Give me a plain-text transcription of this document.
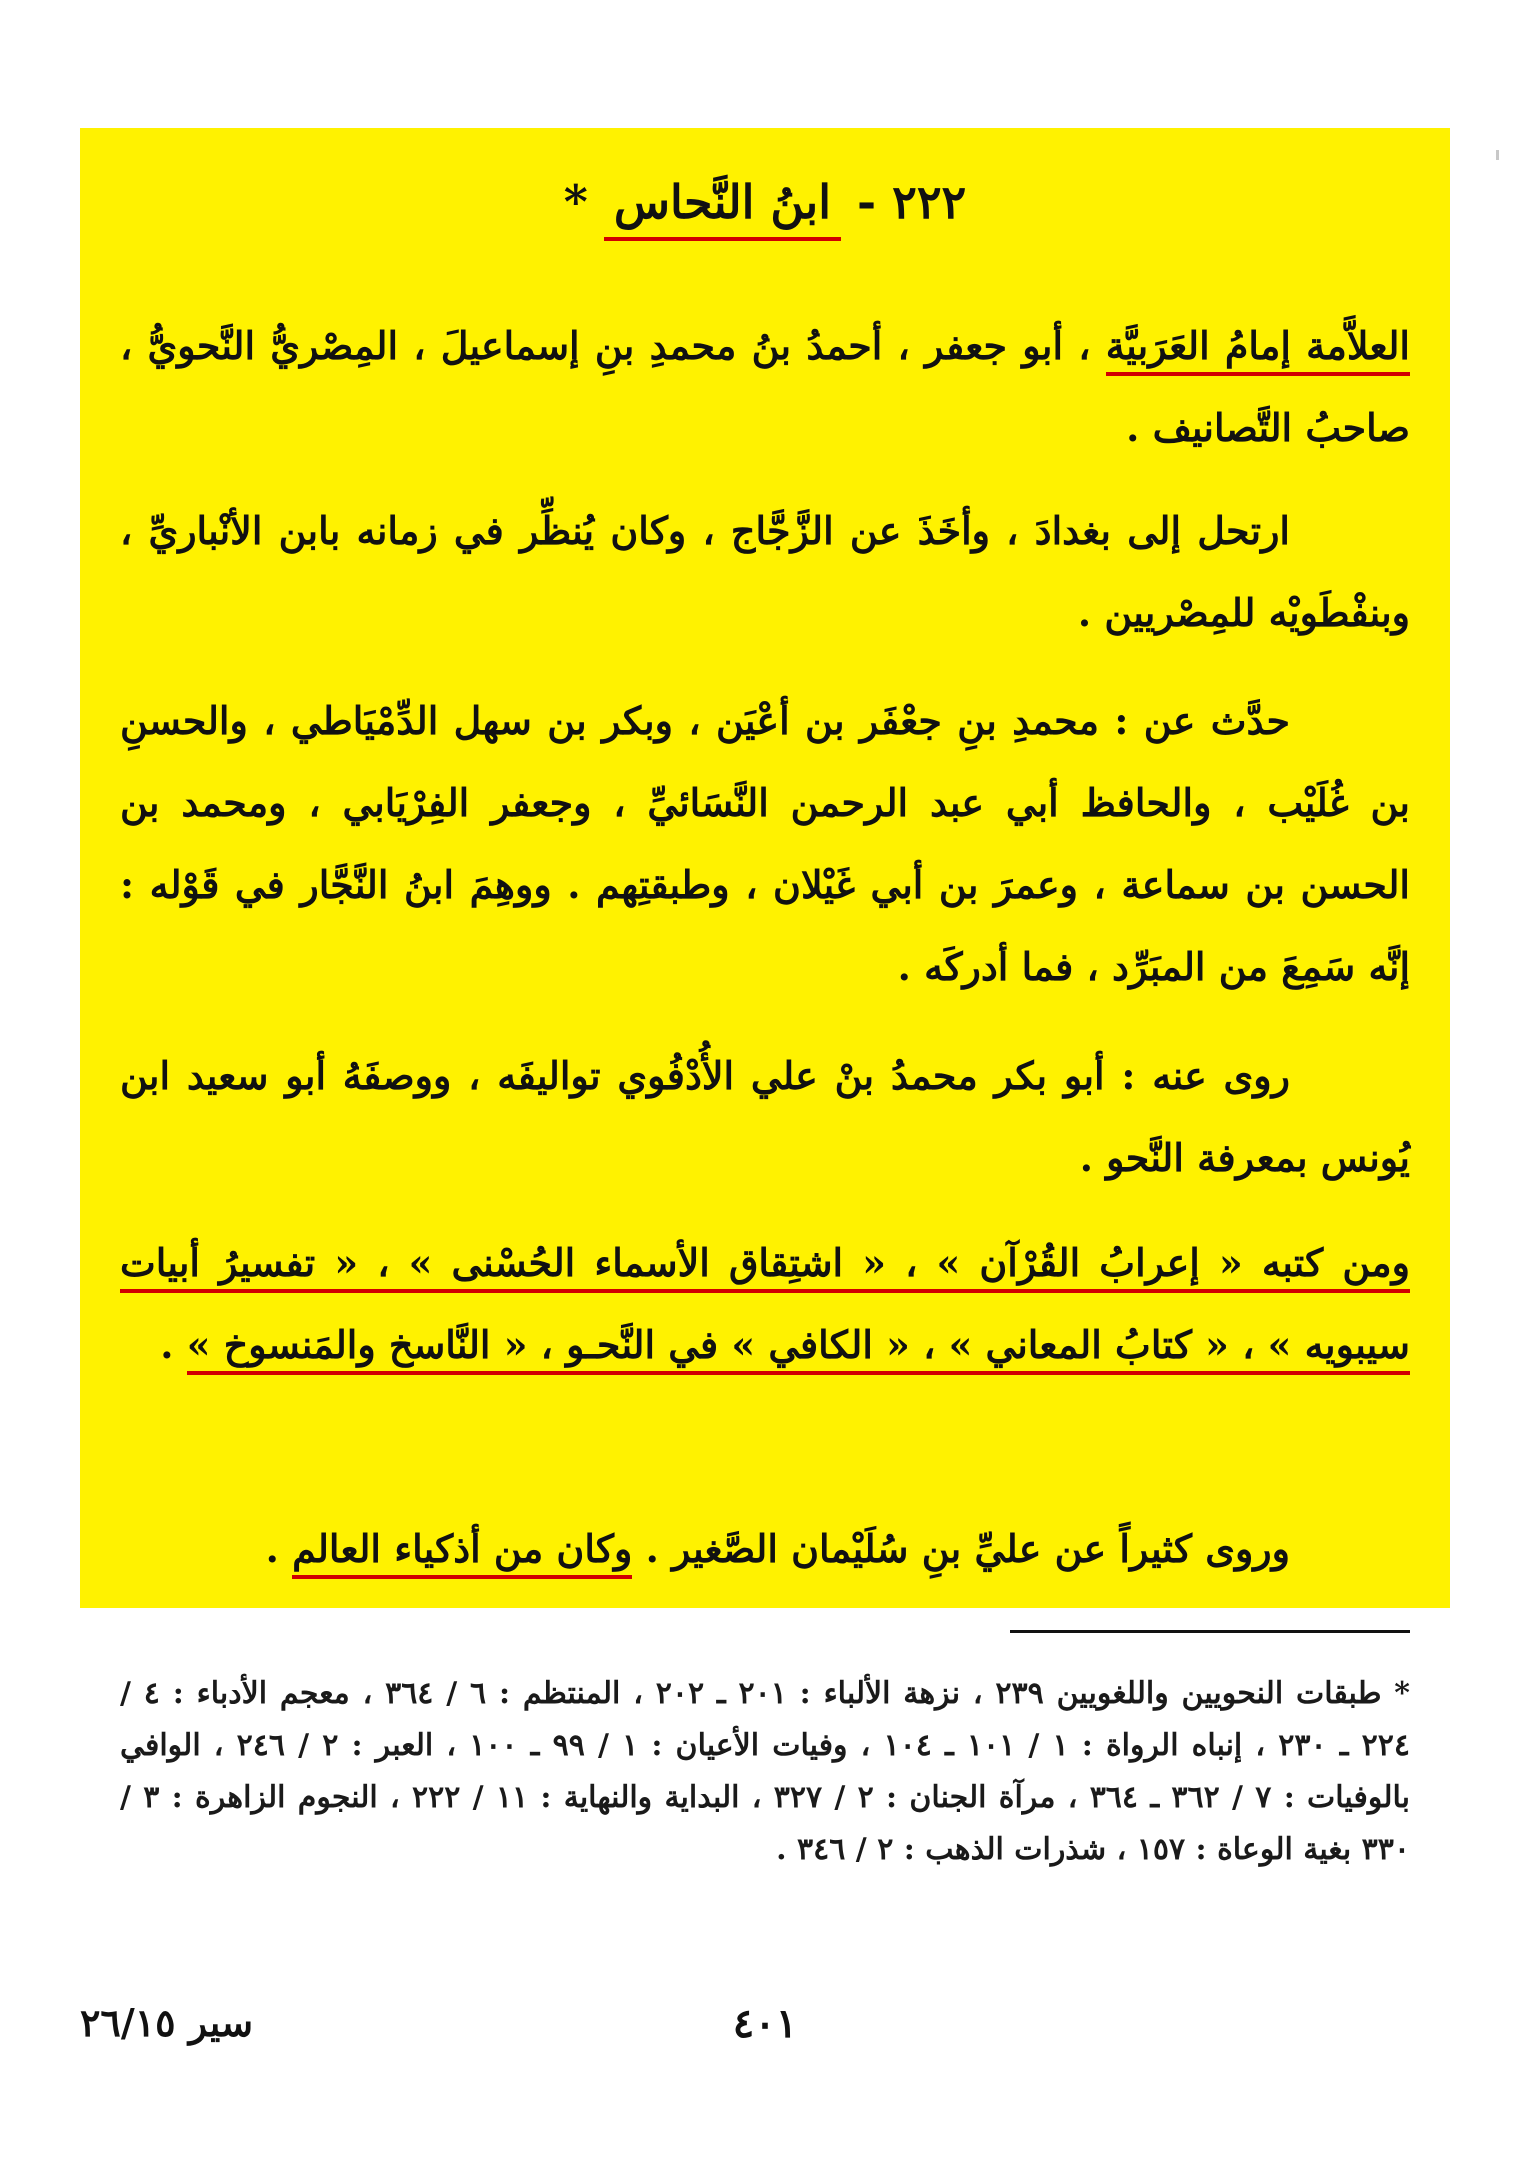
٢٢٢ - ابنُ النَّحاس *
العلاَّمة إمامُ العَرَبيَّة ، أبو جعفر ، أحمدُ بنُ محمدِ بنِ إسماعيلَ ، المِصْريُّ النَّحويُّ ، صاحبُ التَّصانيف .
ارتحل إلى بغدادَ ، وأخَذَ عن الزَّجَّاج ، وكان يُنظِّر في زمانه بابن الأنْباريِّ ، وبنفْطَويْه للمِصْريين .
حدَّث عن : محمدِ بنِ جعْفَر بن أعْيَن ، وبكر بن سهل الدِّمْيَاطي ، والحسنِ بن غُلَيْب ، والحافظ أبي عبد الرحمن النَّسَائيِّ ، وجعفر الفِرْيَابي ، ومحمد بن الحسن بن سماعة ، وعمرَ بن أبي غَيْلان ، وطبقتِهم . ووهِمَ ابنُ النَّجَّار في قَوْله : إنَّه سَمِعَ من المبَرِّد ، فما أدركَه .
روى عنه : أبو بكر محمدُ بنْ علي الأُدْفُوي تواليفَه ، ووصفَهُ أبو سعيد ابن يُونس بمعرفة النَّحو .
ومن كتبه « إعرابُ القُرْآن » ، « اشتِقاق الأسماء الحُسْنى » ، « تفسيرُ أبيات سيبويه » ، « كتابُ المعاني » ، « الكافي » في النَّحـو ، « النَّاسخ والمَنسوخ » .
وروى كثيراً عن عليِّ بنِ سُلَيْمان الصَّغير . وكان من أذكياء العالم .
* طبقات النحويين واللغويين ٢٣٩ ، نزهة الألباء : ٢٠١ ـ ٢٠٢ ، المنتظم : ٦ / ٣٦٤ ، معجم الأدباء : ٤ / ٢٢٤ ـ ٢٣٠ ، إنباه الرواة : ١ / ١٠١ ـ ١٠٤ ، وفيات الأعيان : ١ / ٩٩ ـ ١٠٠ ، العبر : ٢ / ٢٤٦ ، الوافي بالوفيات : ٧ / ٣٦٢ ـ ٣٦٤ ، مرآة الجنان : ٢ / ٣٢٧ ، البداية والنهاية : ١١ / ٢٢٢ ، النجوم الزاهرة : ٣ / ٣٣٠ بغية الوعاة : ١٥٧ ، شذرات الذهب : ٢ / ٣٤٦ .
٤٠١
سير ٢٦/١٥
